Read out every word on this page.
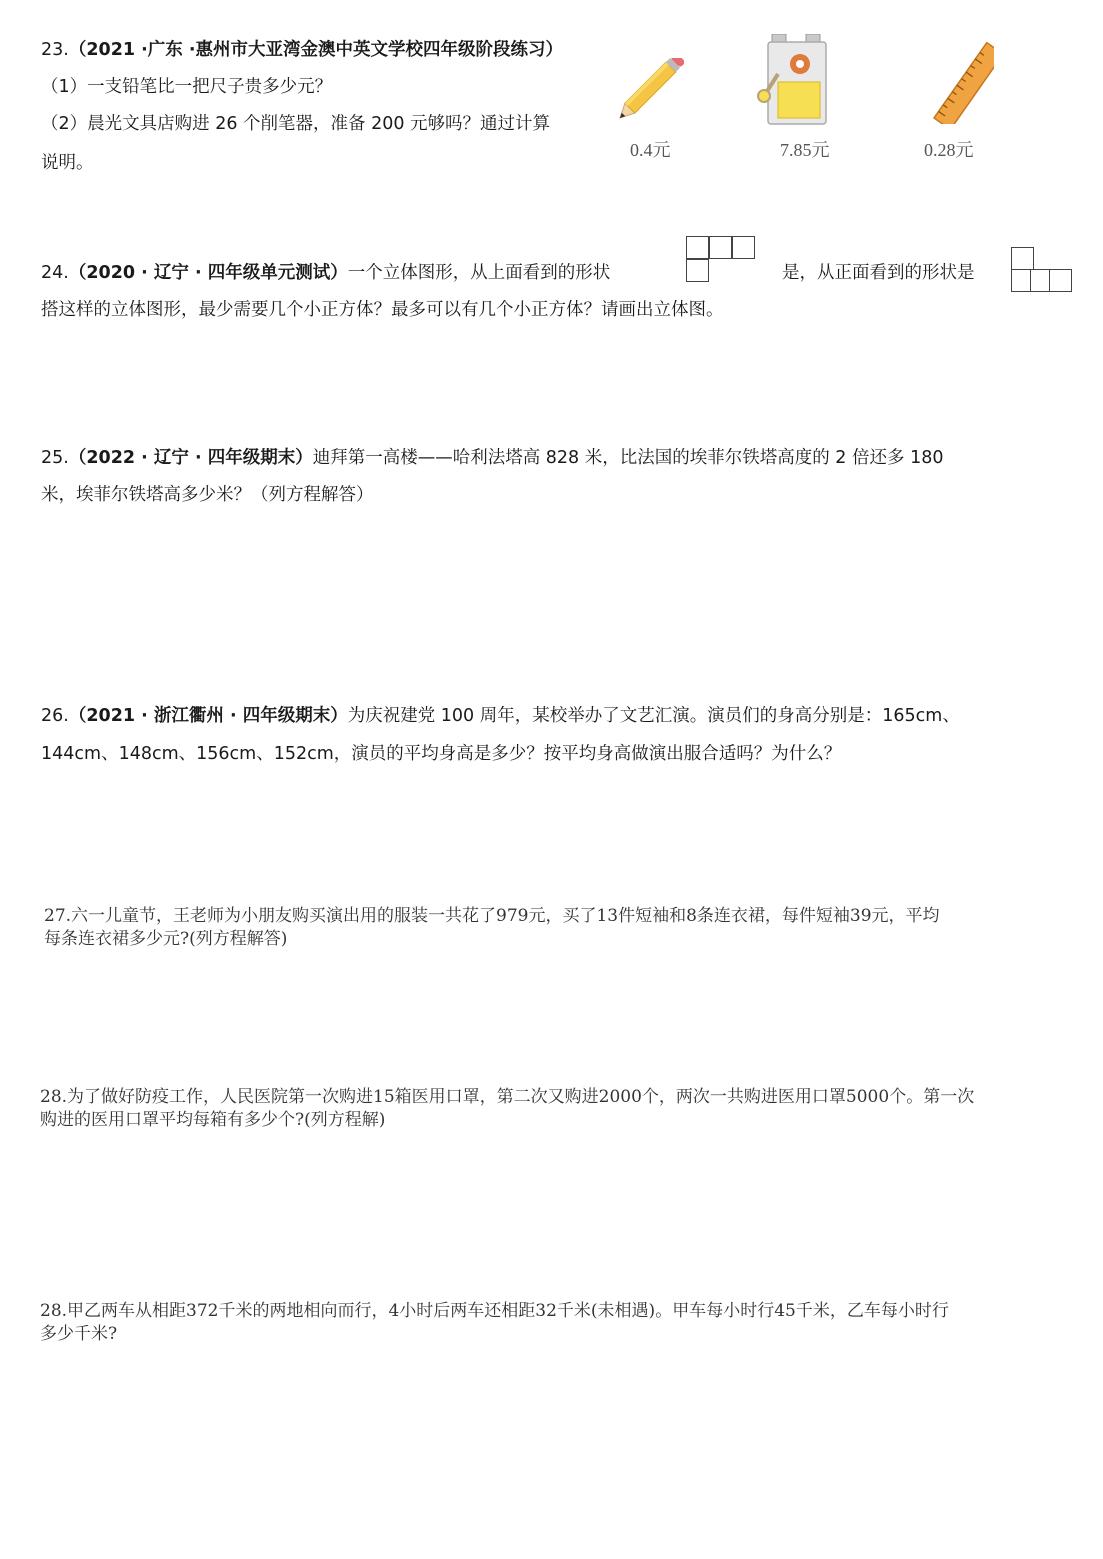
23.（2021 ·广东 ·惠州市大亚湾金澳中英文学校四年级阶段练习）
（1）一支铅笔比一把尺子贵多少元？
（2）晨光文具店购进 26 个削笔器，准备 200 元够吗？通过计算
说明。
0.4元	7.85元	0.28元
24.（2020 · 辽宁 · 四年级单元测试）一个立体图形，从上面看到的形状	是，从正面看到的形状是
搭这样的立体图形，最少需要几个小正方体？最多可以有几个小正方体？请画出立体图。
25.（2022 · 辽宁 · 四年级期末）迪拜第一高楼——哈利法塔高 828 米，比法国的埃菲尔铁塔高度的 2 倍还多 180
米，埃菲尔铁塔高多少米？（列方程解答）
26.（2021 · 浙江衢州 · 四年级期末）为庆祝建党 100 周年，某校举办了文艺汇演。演员们的身高分别是：165cm、
144cm、148cm、156cm、152cm，演员的平均身高是多少？按平均身高做演出服合适吗？为什么？
27.六一儿童节，王老师为小朋友购买演出用的服装一共花了979元，买了13件短袖和8条连衣裙，每件短袖39元，平均
每条连衣裙多少元?(列方程解答)
28.为了做好防疫工作，人民医院第一次购进15箱医用口罩，第二次又购进2000个，两次一共购进医用口罩5000个。第一次
购进的医用口罩平均每箱有多少个?(列方程解)
28.甲乙两车从相距372千米的两地相向而行，4小时后两车还相距32千米(未相遇)。甲车每小时行45千米，乙车每小时行
多少千米?
